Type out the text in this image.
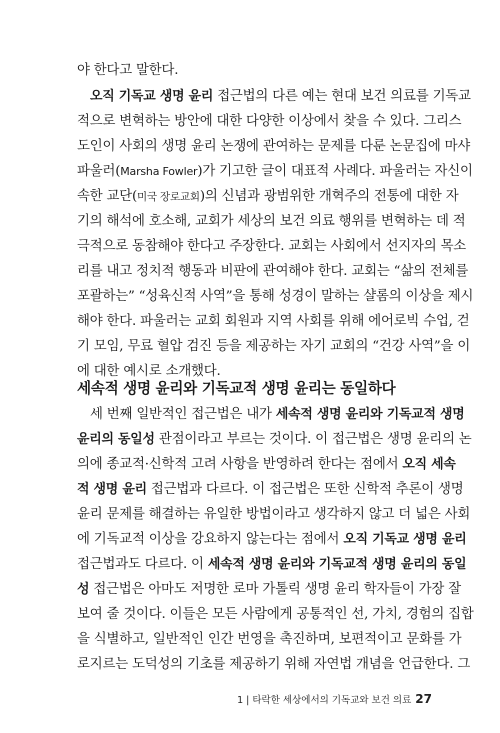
야 한다고 말한다.
오직 기독교 생명 윤리 접근법의 다른 예는 현대 보건 의료를 기독교
적으로 변혁하는 방안에 대한 다양한 이상에서 찾을 수 있다. 그리스
도인이 사회의 생명 윤리 논쟁에 관여하는 문제를 다룬 논문집에 마샤
파울러(Marsha Fowler)가 기고한 글이 대표적 사례다. 파울러는 자신이
속한 교단(미국 장로교회)의 신념과 광범위한 개혁주의 전통에 대한 자
기의 해석에 호소해, 교회가 세상의 보건 의료 행위를 변혁하는 데 적
극적으로 동참해야 한다고 주장한다. 교회는 사회에서 선지자의 목소
리를 내고 정치적 행동과 비판에 관여해야 한다. 교회는 “삶의 전체를
포괄하는” “성육신적 사역”을 통해 성경이 말하는 샬롬의 이상을 제시
해야 한다. 파울러는 교회 회원과 지역 사회를 위해 에어로빅 수업, 걷
기 모임, 무료 혈압 검진 등을 제공하는 자기 교회의 “건강 사역”을 이
에 대한 예시로 소개했다.
세속적 생명 윤리와 기독교적 생명 윤리는 동일하다
세 번째 일반적인 접근법은 내가 세속적 생명 윤리와 기독교적 생명
윤리의 동일성 관점이라고 부르는 것이다. 이 접근법은 생명 윤리의 논
의에 종교적·신학적 고려 사항을 반영하려 한다는 점에서 오직 세속
적 생명 윤리 접근법과 다르다. 이 접근법은 또한 신학적 추론이 생명
윤리 문제를 해결하는 유일한 방법이라고 생각하지 않고 더 넓은 사회
에 기독교적 이상을 강요하지 않는다는 점에서 오직 기독교 생명 윤리
접근법과도 다르다. 이 세속적 생명 윤리와 기독교적 생명 윤리의 동일
성 접근법은 아마도 저명한 로마 가톨릭 생명 윤리 학자들이 가장 잘
보여 줄 것이다. 이들은 모든 사람에게 공통적인 선, 가치, 경험의 집합
을 식별하고, 일반적인 인간 번영을 촉진하며, 보편적이고 문화를 가
로지르는 도덕성의 기초를 제공하기 위해 자연법 개념을 언급한다. 그
1 | 타락한 세상에서의 기독교와 보건 의료 27
